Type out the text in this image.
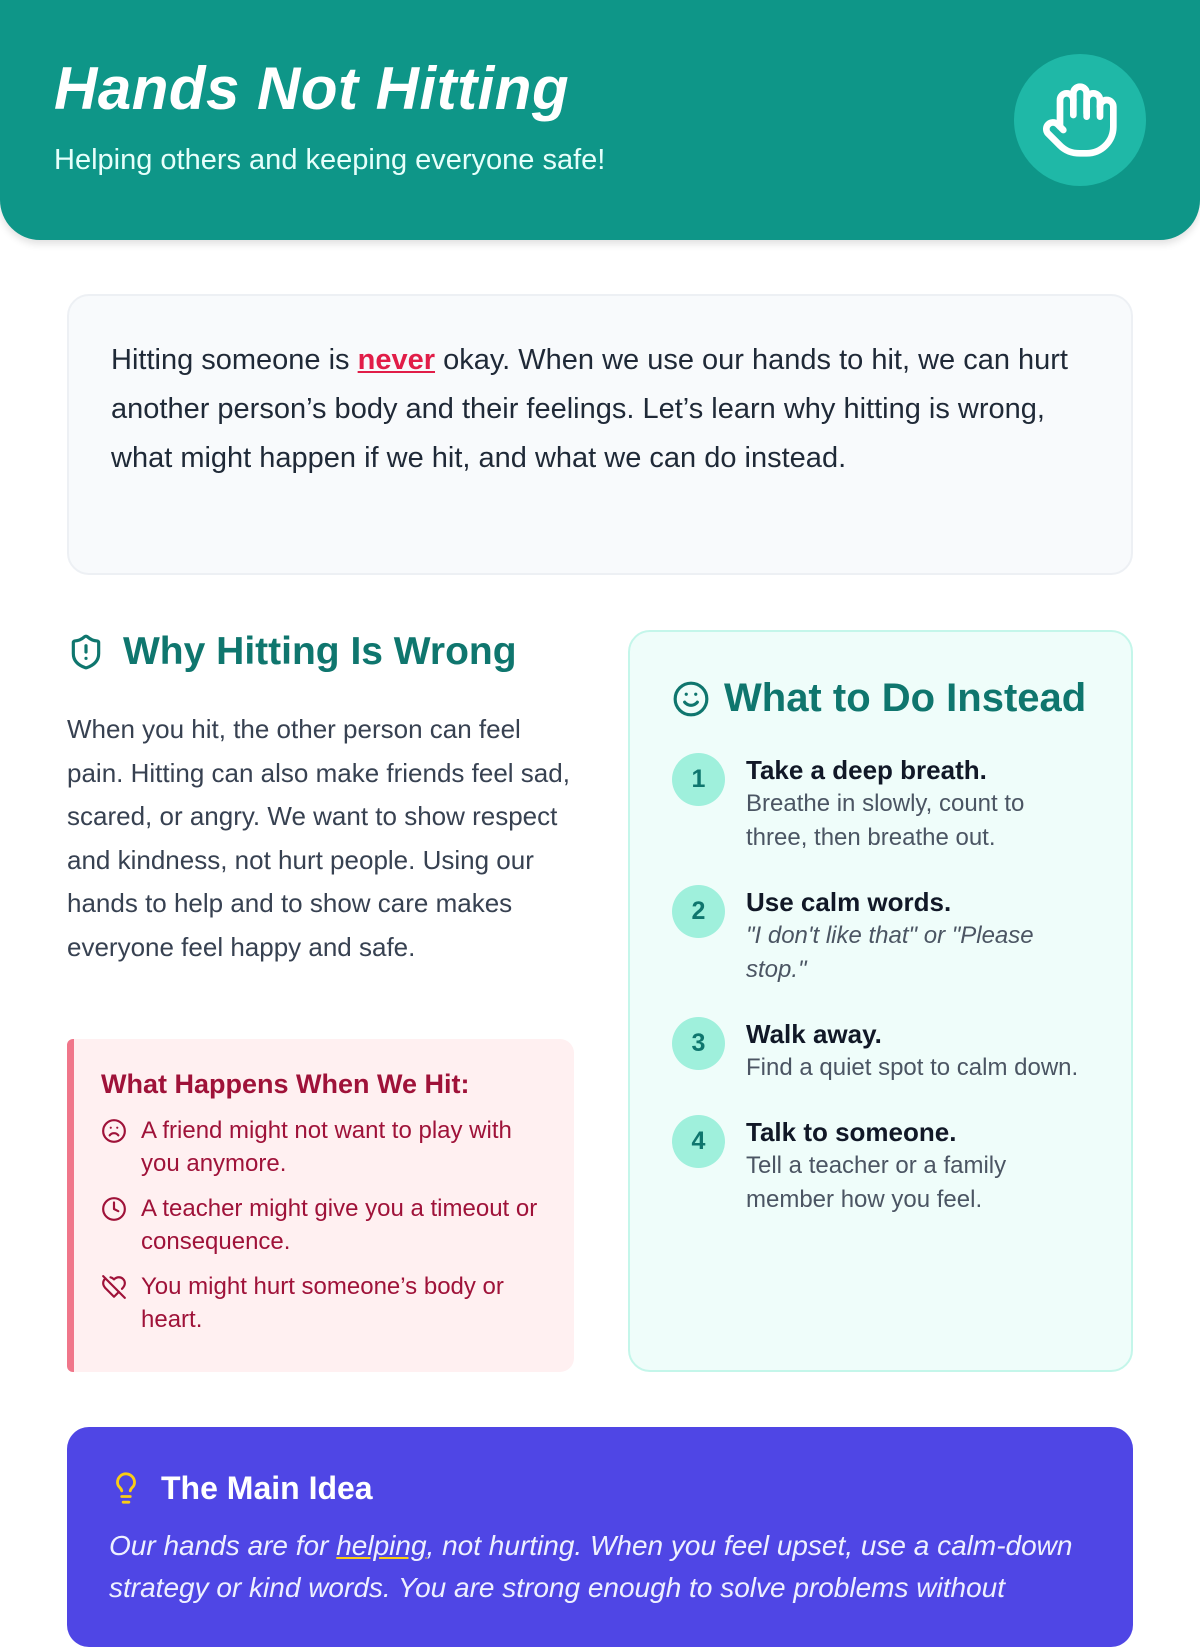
Hands Not Hitting
Helping others and keeping everyone safe!
Hitting someone is never okay. When we use our hands to hit, we can hurt another person’s body and their feelings. Let’s learn why hitting is wrong, what might happen if we hit, and what we can do instead.
Why Hitting Is Wrong
When you hit, the other person can feel pain. Hitting can also make friends feel sad, scared, or angry. We want to show respect and kindness, not hurt people. Using our hands to help and to show care makes everyone feel happy and safe.
What Happens When We Hit:
A friend might not want to play with you anymore.
A teacher might give you a timeout or consequence.
You might hurt someone’s body or heart.
What to Do Instead
1	Take a deep breath.
Breathe in slowly, count to three, then breathe out.
2	Use calm words.
"I don't like that" or "Please stop."
3	Walk away.
Find a quiet spot to calm down.
4	Talk to someone.
Tell a teacher or a family member how you feel.
The Main Idea
Our hands are for helping, not hurting. When you feel upset, use a calm-down strategy or kind words. You are strong enough to solve problems without
